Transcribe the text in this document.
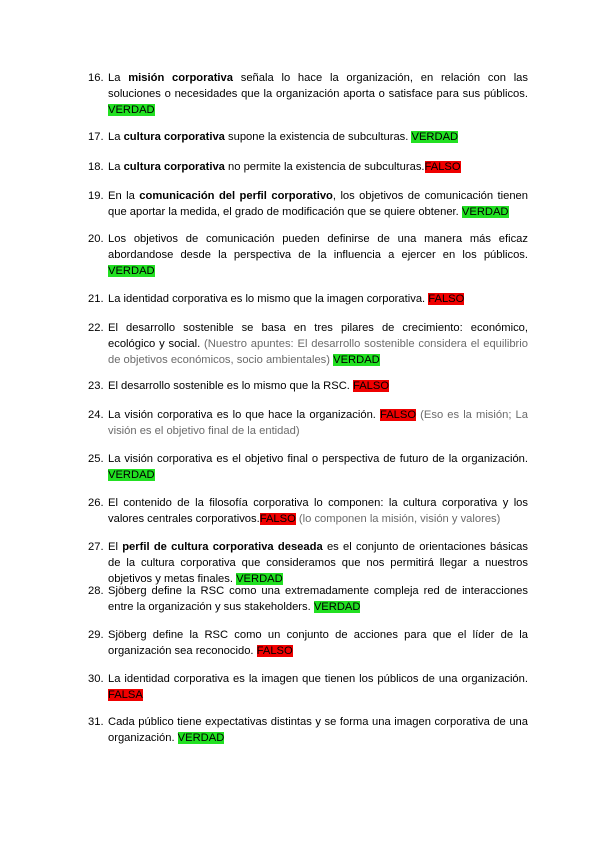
16. La misión corporativa señala lo hace la organización, en relación con las soluciones o necesidades que la organización aporta o satisface para sus públicos. VERDAD
17. La cultura corporativa supone la existencia de subculturas. VERDAD
18. La cultura corporativa no permite la existencia de subculturas.FALSO
19. En la comunicación del perfil corporativo, los objetivos de comunicación tienen que aportar la medida, el grado de modificación que se quiere obtener. VERDAD
20. Los objetivos de comunicación pueden definirse de una manera más eficaz abordandose desde la perspectiva de la influencia a ejercer en los públicos. VERDAD
21. La identidad corporativa es lo mismo que la imagen corporativa. FALSO
22. El desarrollo sostenible se basa en tres pilares de crecimiento: económico, ecológico y social. (Nuestro apuntes: El desarrollo sostenible considera el equilibrio de objetivos económicos, socio ambientales) VERDAD
23. El desarrollo sostenible es lo mismo que la RSC. FALSO
24. La visión corporativa es lo que hace la organización. FALSO (Eso es la misión; La visión es el objetivo final de la entidad)
25. La visión corporativa es el objetivo final o perspectiva de futuro de la organización. VERDAD
26. El contenido de la filosofía corporativa lo componen: la cultura corporativa y los valores centrales corporativos.FALSO (lo componen la misión, visión y valores)
27. El perfil de cultura corporativa deseada es el conjunto de orientaciones básicas de la cultura corporativa que consideramos que nos permitirá llegar a nuestros objetivos y metas finales. VERDAD
28. Sjöberg define la RSC como una extremadamente compleja red de interacciones entre la organización y sus stakeholders. VERDAD
29. Sjöberg define la RSC como un conjunto de acciones para que el líder de la organización sea reconocido. FALSO
30. La identidad corporativa es la imagen que tienen los públicos de una organización. FALSA
31. Cada público tiene expectativas distintas y se forma una imagen corporativa de una organización. VERDAD
